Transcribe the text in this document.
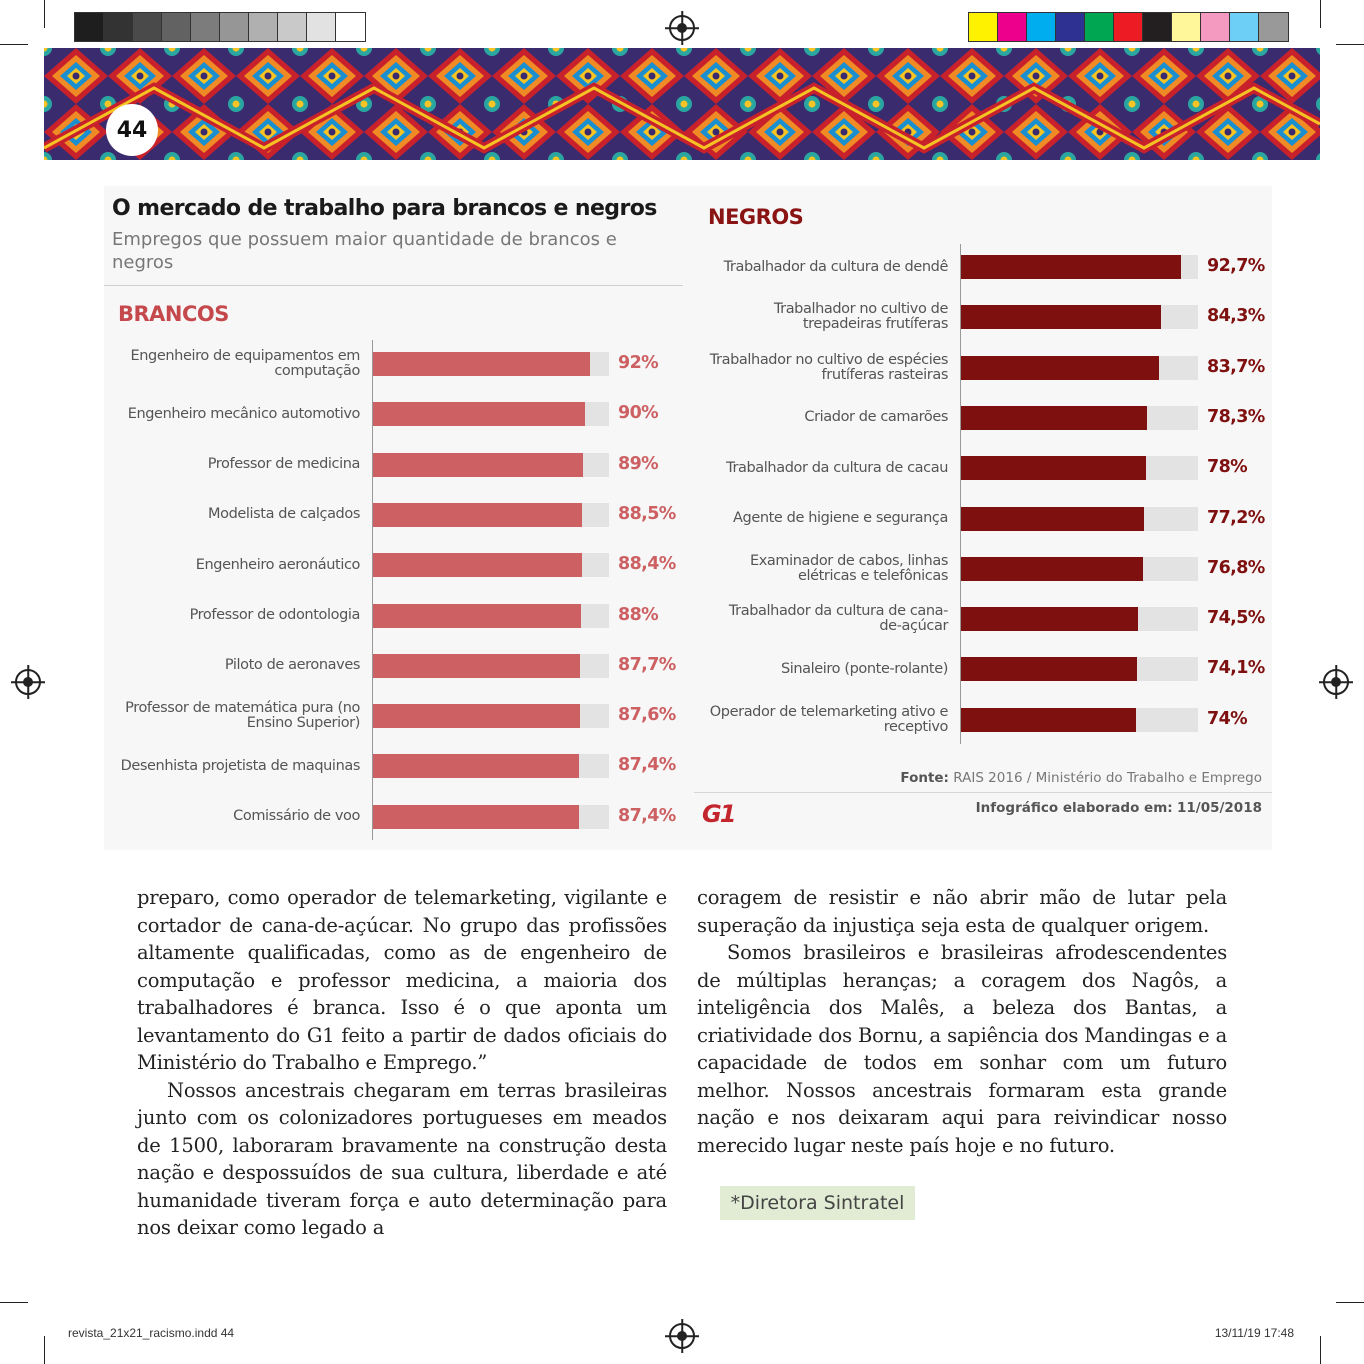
44
O mercado de trabalho para brancos e negros
Empregos que possuem maior quantidade de brancos e negros
BRANCOS
NEGROS
Engenheiro de equipamentos em computação	92%
Engenheiro mecânico automotivo	90%
Professor de medicina	89%
Modelista de calçados	88,5%
Engenheiro aeronáutico	88,4%
Professor de odontologia	88%
Piloto de aeronaves	87,7%
Professor de matemática pura (no Ensino Superior)	87,6%
Desenhista projetista de maquinas	87,4%
Comissário de voo	87,4%
Trabalhador da cultura de dendê	92,7%
Trabalhador no cultivo de trepadeiras frutíferas	84,3%
Trabalhador no cultivo de espécies frutíferas rasteiras	83,7%
Criador de camarões	78,3%
Trabalhador da cultura de cacau	78%
Agente de higiene e segurança	77,2%
Examinador de cabos, linhas elétricas e telefônicas	76,8%
Trabalhador da cultura de cana-de-açúcar	74,5%
Sinaleiro (ponte-rolante)	74,1%
Operador de telemarketing ativo e receptivo	74%
Fonte: RAIS 2016 / Ministério do Trabalho e Emprego
Infográfico elaborado em: 11/05/2018
G1

preparo, como operador de telemarketing, vigilante e cortador de cana-de-açúcar. No grupo das profissões altamente qualificadas, como as de engenheiro de computação e professor medicina, a maioria dos trabalhadores é branca. Isso é o que aponta um levantamento do G1 feito a partir de dados oficiais do Ministério do Trabalho e Emprego.”

Nossos ancestrais chegaram em terras brasileiras junto com os colonizadores portugueses em meados de 1500, laboraram bravamente na construção desta nação e despossuídos de sua cultura, liberdade e até humanidade tiveram força e auto determinação para nos deixar como legado a

coragem de resistir e não abrir mão de lutar pela superação da injustiça seja esta de qualquer origem.

Somos brasileiros e brasileiras afrodescendentes de múltiplas heranças; a coragem dos Nagôs, a inteligência dos Malês, a beleza dos Bantas, a criatividade dos Bornu, a sapiência dos Mandingas e a capacidade de todos em sonhar com um futuro melhor. Nossos ancestrais formaram esta grande nação e nos deixaram aqui para reivindicar nosso merecido lugar neste país hoje e no futuro.

*Diretora Sintratel
revista_21x21_racismo.indd 44	13/11/19 17:48
